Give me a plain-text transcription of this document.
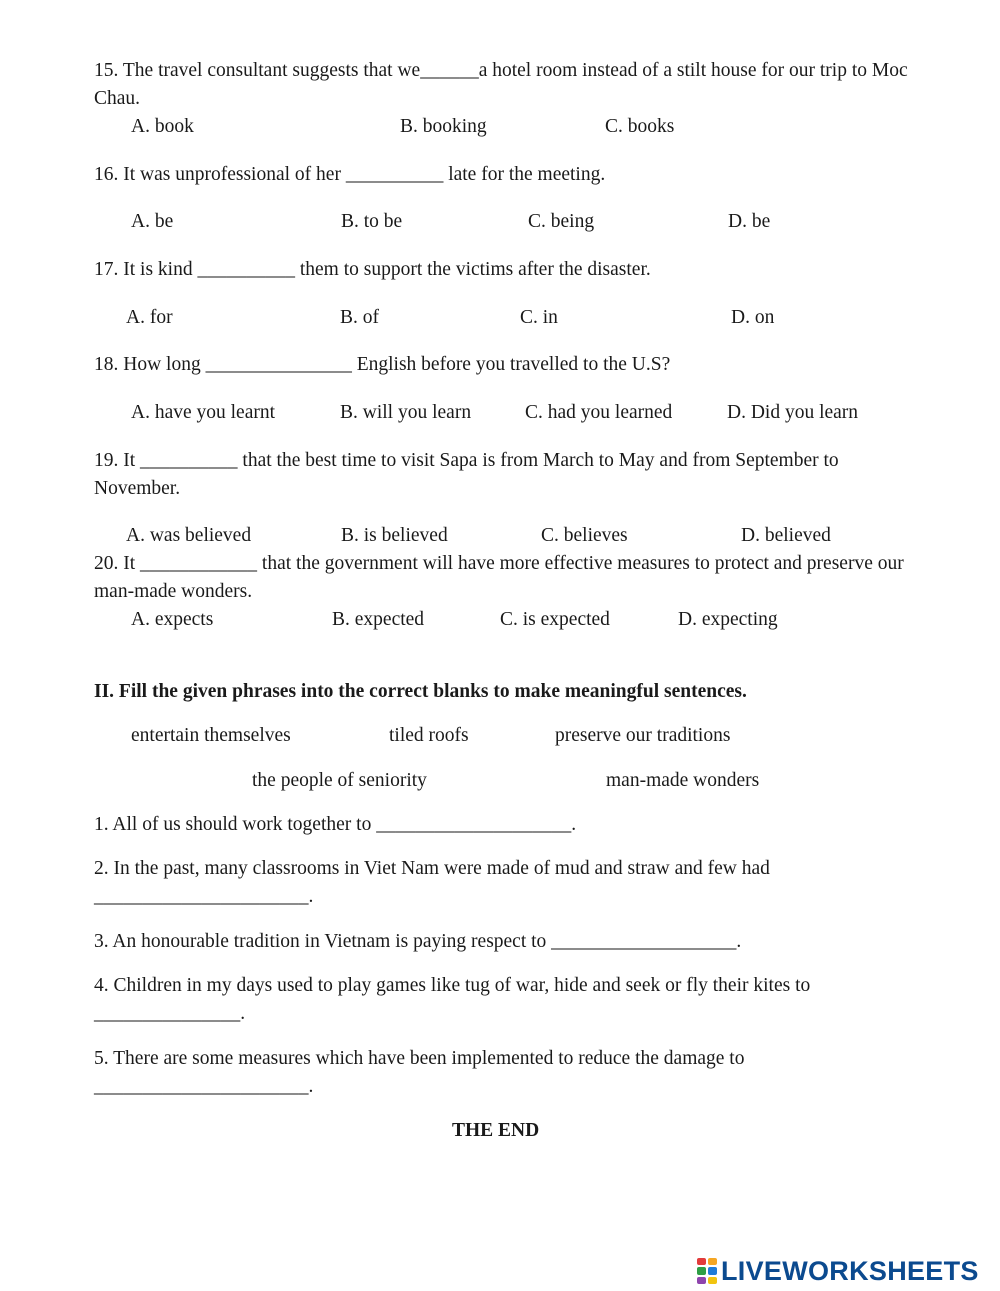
15. The travel consultant suggests that we______a hotel room instead of a stilt house for our trip to Moc Chau.
A. book	B. booking	C. books
16. It was unprofessional of her __________ late for the meeting.
A. be	B. to be	C. being	D. be
17. It is kind __________ them to support the victims after the disaster.
A. for	B. of	C. in	D. on
18. How long _______________ English before you travelled to the U.S?
A. have you learnt	B. will you learn	C. had you learned	D. Did you learn
19. It __________ that the best time to visit Sapa is from March to May and from September to November.
A. was believed	B. is believed	C. believes	D. believed
20. It ____________ that the government will have more effective measures to protect and preserve our man-made wonders.
A. expects	B. expected	C. is expected	D. expecting
II. Fill the given phrases into the correct blanks to make meaningful sentences.
entertain themselves	tiled roofs	preserve our traditions
the people of seniority	man-made wonders
1. All of us should work together to ____________________.
2. In the past, many classrooms in Viet Nam were made of mud and straw and few had ______________________.
3. An honourable tradition in Vietnam is paying respect to ___________________.
4. Children in my days used to play games like tug of war, hide and seek or fly their kites to _______________.
5. There are some measures which have been implemented to reduce the damage to ______________________.
THE END
LIVEWORKSHEETS
